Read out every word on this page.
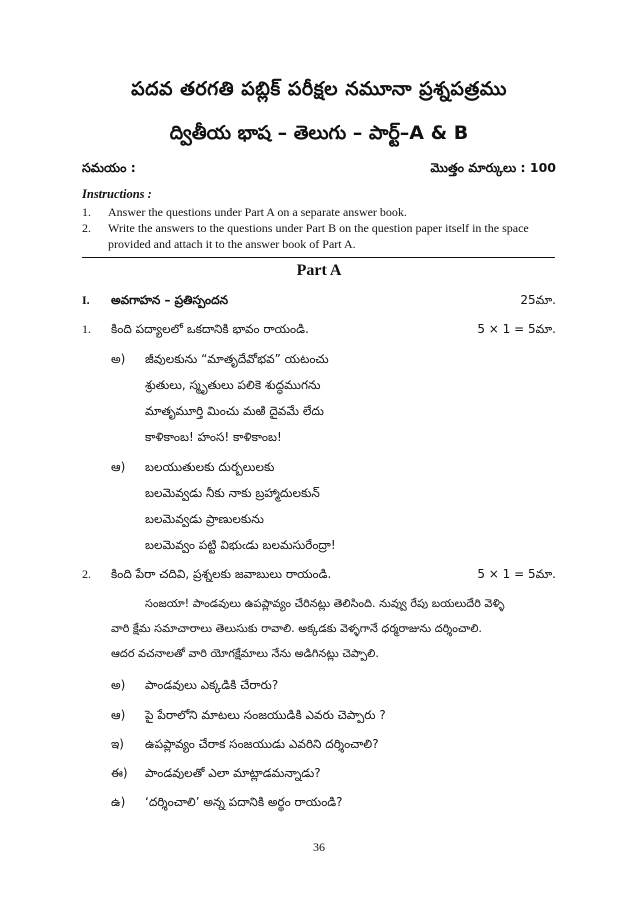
పదవ తరగతి పబ్లిక్ పరీక్షల నమూనా ప్రశ్నపత్రము
ద్వితీయ భాష – తెలుగు – పార్ట్–A & B
సమయం :	మొత్తం మార్కులు : 100
Instructions :
1. Answer the questions under Part A on a separate answer book.
2. Write the answers to the questions under Part B on the question paper itself in the space
provided and attach it to the answer book of Part A.
Part A
I. అవగాహన – ప్రతిస్పందన	25మా.
1. కింది పద్యాలలో ఒకదానికి భావం రాయండి.	5 × 1 = 5మా.
అ) జీవులకును “మాతృదేవోభవ” యటంచు
శ్రుతులు, స్మృతులు పలికె శుద్ధముగను
మాతృమూర్తి మించు మఱి దైవమే లేదు
కాళికాంబ! హంస! కాళికాంబ!
ఆ) బలయుతులకు దుర్బలులకు
బలమెవ్వడు నీకు నాకు బ్రహ్మాదులకున్
బలమెవ్వడు ప్రాణులకును
బలమెవ్వం పట్టి విభుఁడు బలమసురేంద్రా!
2. కింది పేరా చదివి, ప్రశ్నలకు జవాబులు రాయండి.	5 × 1 = 5మా.
సంజయా! పాండవులు ఉపప్లావ్యం చేరినట్లు తెలిసింది. నువ్వు రేపు బయలుదేరి వెళ్ళి
వారి క్షేమ సమాచారాలు తెలుసుకు రావాలి. అక్కడకు వెళ్ళగానే ధర్మరాజును దర్శించాలి.
ఆదర వచనాలతో వారి యోగక్షేమాలు నేను అడిగినట్లు చెప్పాలి.
అ) పాండవులు ఎక్కడికి చేరారు?
ఆ) పై పేరాలోని మాటలు సంజయుడికి ఎవరు చెప్పారు ?
ఇ) ఉపప్లావ్యం చేరాక సంజయుడు ఎవరిని దర్శించాలి?
ఈ) పాండవులతో ఎలా మాట్లాడమన్నాడు?
ఉ) ‘దర్శించాలి’ అన్న పదానికి అర్థం రాయండి?
36
